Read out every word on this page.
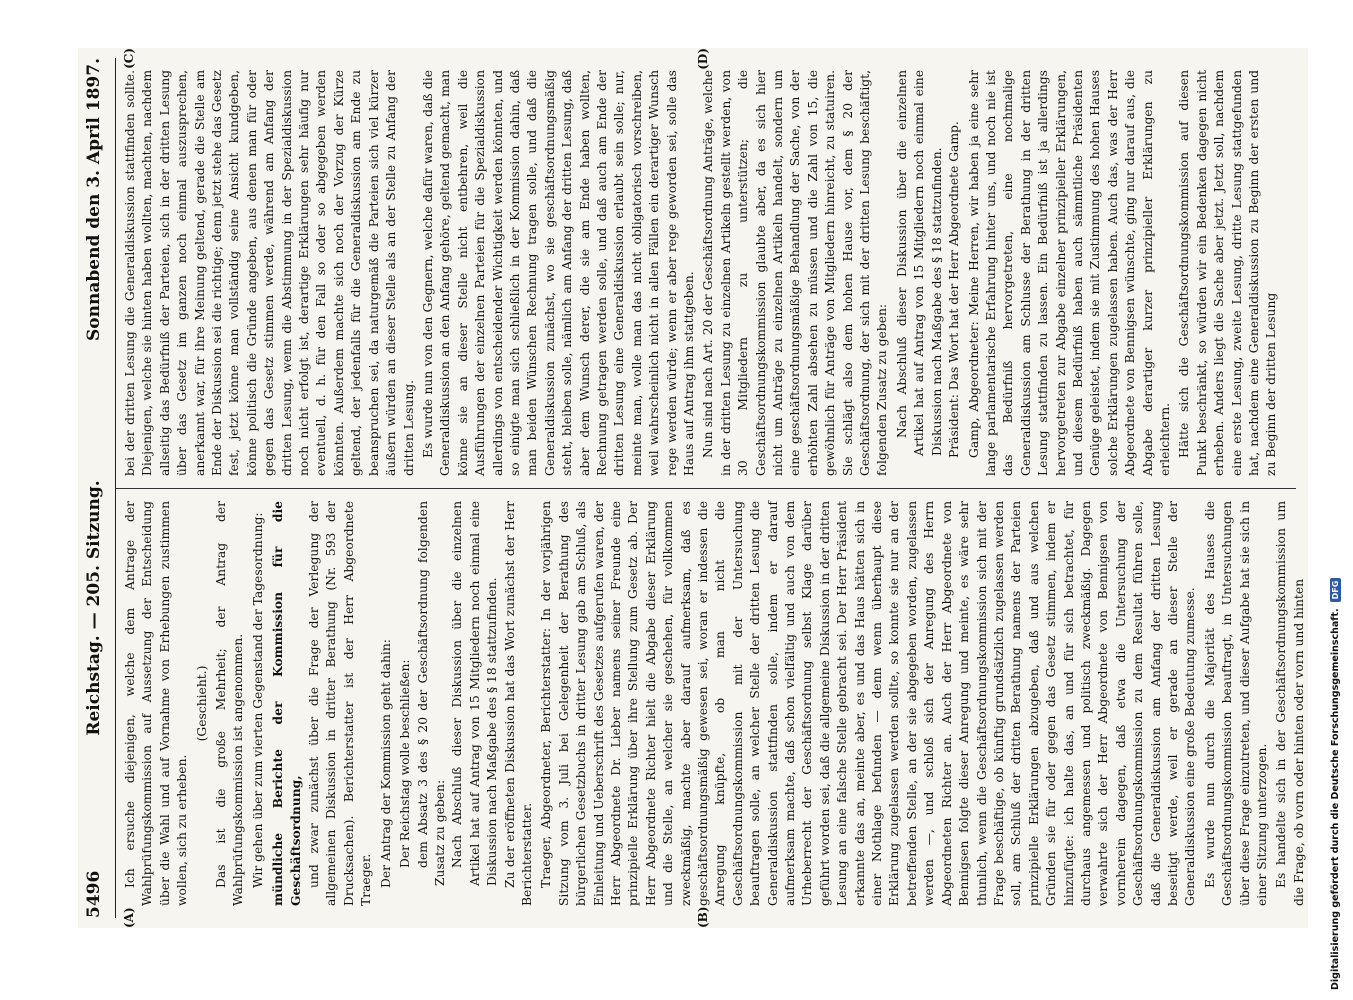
5496
Reichstag. — 205. Sitzung.
Sonnabend den 3. April 1897.
(A)	(B)
(C)	(D)

Ich ersuche diejenigen, welche dem Antrage der Wahlprüfungskommission auf Aussetzung der Entscheidung über die Wahl und auf Vornahme von Erhebungen zustimmen wollen, sich zu erheben.

(Geschieht.) Das ist die große Mehrheit; der Antrag der Wahlprüfungskommission ist angenommen. Wir gehen über zum vierten Gegenstand der Tagesordnung: mündliche Berichte der Kommission für die Geschäftsordnung, und zwar zunächst über die Frage der Verlegung der allgemeinen Diskussion in dritter Berathung (Nr. 593 der Drucksachen). Berichterstatter ist der Herr Abgeordnete Traeger. Der Antrag der Kommission geht dahin: Der Reichstag wolle beschließen: dem Absatz 3 des § 20 der Geschäftsordnung folgenden Zusatz zu geben: Nach Abschluß dieser Diskussion über die einzelnen Artikel hat auf Antrag von 15 Mitgliedern noch einmal eine Diskussion nach Maßgabe des § 18 stattzufinden. Zu der eröffneten Diskussion hat das Wort zunächst der Herr Berichterstatter. Traeger, Abgeordneter, Berichterstatter: In der vorjährigen Sitzung vom 3. Juli bei Gelegenheit der Berathung des bürgerlichen Gesetzbuchs in dritter Lesung gab am Schluß, als Einleitung und Ueberschrift des Gesetzes aufgerufen waren, der Herr Abgeordnete Dr. Lieber namens seiner Freunde eine prinzipielle Erklärung über ihre Stellung zum Gesetz ab. Der Herr Abgeordnete Richter hielt die Abgabe dieser Erklärung und die Stelle, an welcher sie geschehen, für vollkommen zweckmäßig, machte aber darauf aufmerksam, daß es geschäftsordnungsmäßig gewesen sei, woran er indessen die Anregung knüpfte, ob man nicht die Geschäftsordnungskommission mit der Untersuchung beauftragen solle, an welcher Stelle der dritten Lesung die Generaldiskussion stattfinden solle, indem er darauf aufmerksam machte, daß schon vielfältig und auch von dem Urheberrecht der Geschäftsordnung selbst Klage darüber geführt worden sei, daß die allgemeine Diskussion in der dritten Lesung an eine falsche Stelle gebracht sei. Der Herr Präsident erkannte das an, meinte aber, es und das Haus hätten sich in einer Nothlage befunden — denn wenn überhaupt diese Erklärung zugelassen werden sollte, so konnte sie nur an der betreffenden Stelle, an der sie abgegeben worden, zugelassen werden —, und schloß sich der Anregung des Herrn Abgeordneten Richter an. Auch der Herr Abgeordnete von Bennigsen folgte dieser Anregung und meinte, es wäre sehr thunlich, wenn die Geschäftsordnungskommission sich mit der Frage beschäftige, ob künftig grundsätzlich zugelassen werden soll, am Schluß der dritten Berathung namens der Parteien prinzipielle Erklärungen abzugeben, daß und aus welchen Gründen sie für oder gegen das Gesetz stimmen, indem er hinzufügte: ich halte das, an und für sich betrachtet, für durchaus angemessen und politisch zweckmäßig. Dagegen verwahrte sich der Herr Abgeordnete von Bennigsen von vornherein dagegen, daß etwa die Untersuchung der Geschäftsordnungskommission zu dem Resultat führen solle, daß die Generaldiskussion am Anfang der dritten Lesung beseitigt werde, weil er gerade an dieser Stelle der Generaldiskussion eine große Bedeutung zumesse. Es wurde nun durch die Majorität des Hauses die Geschäftsordnungskommission beauftragt, in Untersuchungen über diese Frage einzutreten, und dieser Aufgabe hat sie sich in einer Sitzung unterzogen. Es handelte sich in der Geschäftsordnungskommission um die Frage, ob vorn oder hinten oder vorn und hinten

bei der dritten Lesung die Generaldiskussion stattfinden sollte. Diejenigen, welche sie hinten haben wollten, machten, nachdem allseitig das Bedürfniß der Parteien, sich in der dritten Lesung über das Gesetz im ganzen noch einmal auszusprechen, anerkannt war, für ihre Meinung geltend, gerade die Stelle am Ende der Diskussion sei die richtige; denn jetzt stehe das Gesetz fest, jetzt könne man vollständig seine Ansicht kundgeben, könne politisch die Gründe angeben, aus denen man für oder gegen das Gesetz stimmen werde, während am Anfang der dritten Lesung, wenn die Abstimmung in der Spezialdiskussion noch nicht erfolgt ist, derartige Erklärungen sehr häufig nur eventuell, d. h. für den Fall so oder so abgegeben werden könnten. Außerdem machte sich noch der Vorzug der Kürze geltend, der jedenfalls für die Generaldiskussion am Ende zu beanspruchen sei, da naturgemäß die Parteien sich viel kürzer äußern würden an dieser Stelle als an der Stelle zu Anfang der dritten Lesung. Es wurde nun von den Gegnern, welche dafür waren, daß die Generaldiskussion an den Anfang gehöre, geltend gemacht, man könne sie an dieser Stelle nicht entbehren, weil die Ausführungen der einzelnen Parteien für die Spezialdiskussion allerdings von entscheidender Wichtigkeit werden könnten, und so einigte man sich schließlich in der Kommission dahin, daß man beiden Wünschen Rechnung tragen solle, und daß die Generaldiskussion zunächst, wo sie geschäftsordnungsmäßig steht, bleiben solle, nämlich am Anfang der dritten Lesung, daß aber dem Wunsch derer, die sie am Ende haben wollten, Rechnung getragen werden solle, und daß auch am Ende der dritten Lesung eine Generaldiskussion erlaubt sein solle; nur, meinte man, wolle man das nicht obligatorisch vorschreiben, weil wahrscheinlich nicht in allen Fällen ein derartiger Wunsch rege werden würde; wenn er aber rege geworden sei, solle das Haus auf Antrag ihm stattgeben. Nun sind nach Art. 20 der Geschäftsordnung Anträge, welche in der dritten Lesung zu einzelnen Artikeln gestellt werden, von 30 Mitgliedern zu unterstützen; die Geschäftsordnungskommission glaubte aber, da es sich hier nicht um Anträge zu einzelnen Artikeln handelt, sondern um eine geschäftsordnungsmäßige Behandlung der Sache, von der erhöhten Zahl absehen zu müssen und die Zahl von 15, die gewöhnlich für Anträge von Mitgliedern hinreicht, zu statuiren. Sie schlägt also dem hohen Hause vor, dem § 20 der Geschäftsordnung, der sich mit der dritten Lesung beschäftigt, folgenden Zusatz zu geben: Nach Abschluß dieser Diskussion über die einzelnen Artikel hat auf Antrag von 15 Mitgliedern noch einmal eine Diskussion nach Maßgabe des § 18 stattzufinden. Präsident: Das Wort hat der Herr Abgeordnete Gamp. Gamp, Abgeordneter: Meine Herren, wir haben ja eine sehr lange parlamentarische Erfahrung hinter uns, und noch nie ist das Bedürfniß hervorgetreten, eine nochmalige Generaldiskussion am Schlusse der Berathung in der dritten Lesung stattfinden zu lassen. Ein Bedürfniß ist ja allerdings hervorgetreten zur Abgabe einzelner prinzipieller Erklärungen, und diesem Bedürfniß haben auch sämmtliche Präsidenten Genüge geleistet, indem sie mit Zustimmung des hohen Hauses solche Erklärungen zugelassen haben. Auch das, was der Herr Abgeordnete von Bennigsen wünschte, ging nur darauf aus, die Abgabe derartiger kurzer prinzipieller Erklärungen zu erleichtern. Hätte sich die Geschäftsordnungskommission auf diesen Punkt beschränkt, so würden wir ein Bedenken dagegen nicht erheben. Anders liegt die Sache aber jetzt. Jetzt soll, nachdem eine erste Lesung, zweite Lesung, dritte Lesung stattgefunden hat, nachdem eine Generaldiskussion zu Beginn der ersten und zu Beginn der dritten Lesung

Digitalisierung gefördert durch die Deutsche Forschungsgemeinschaft.
DFG
